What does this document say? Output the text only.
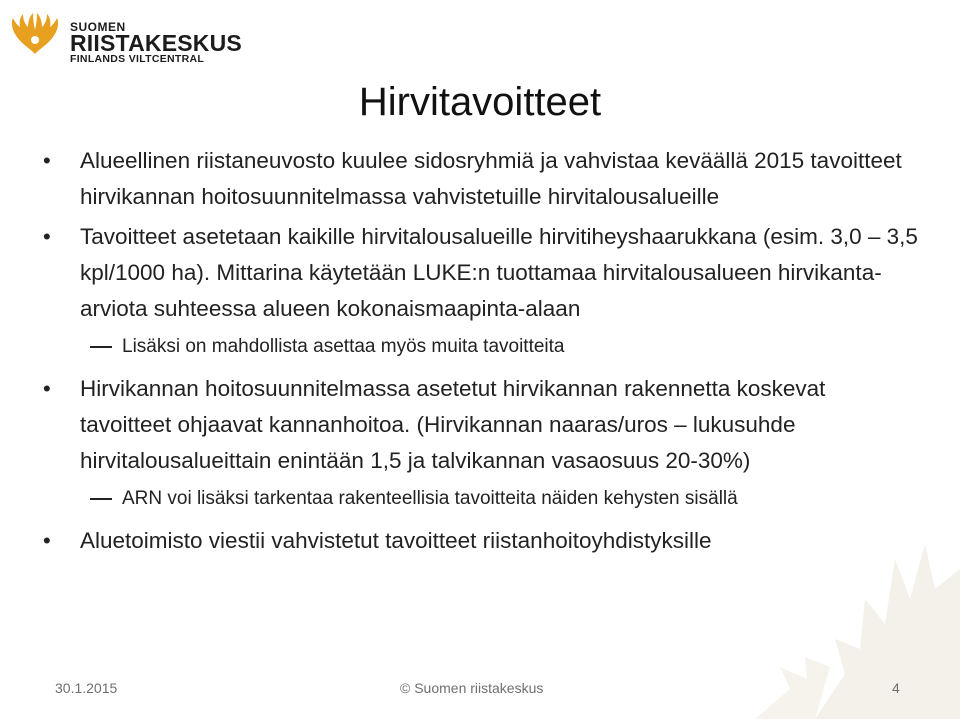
SUOMEN
RIISTAKESKUS
FINLANDS VILTCENTRAL
Hirvitavoitteet
• Alueellinen riistaneuvosto kuulee sidosryhmiä ja vahvistaa keväällä 2015 tavoitteet hirvikannan hoitosuunnitelmassa vahvistetuille hirvitalousalueille
• Tavoitteet asetetaan kaikille hirvitalousalueille hirvitiheyshaarukkana (esim. 3,0 – 3,5 kpl/1000 ha). Mittarina käytetään LUKE:n tuottamaa hirvitalousalueen hirvikanta-arviota suhteessa alueen kokonaismaapinta-alaan
Lisäksi on mahdollista asettaa myös muita tavoitteita
• Hirvikannan hoitosuunnitelmassa asetetut hirvikannan rakennetta koskevat tavoitteet ohjaavat kannanhoitoa. (Hirvikannan naaras/uros – lukusuhde hirvitalousalueittain enintään 1,5 ja talvikannan vasaosuus 20-30%)
ARN voi lisäksi tarkentaa rakenteellisia tavoitteita näiden kehysten sisällä
• Aluetoimisto viestii vahvistetut tavoitteet riistanhoitoyhdistyksille
30.1.2015	© Suomen riistakeskus	4
